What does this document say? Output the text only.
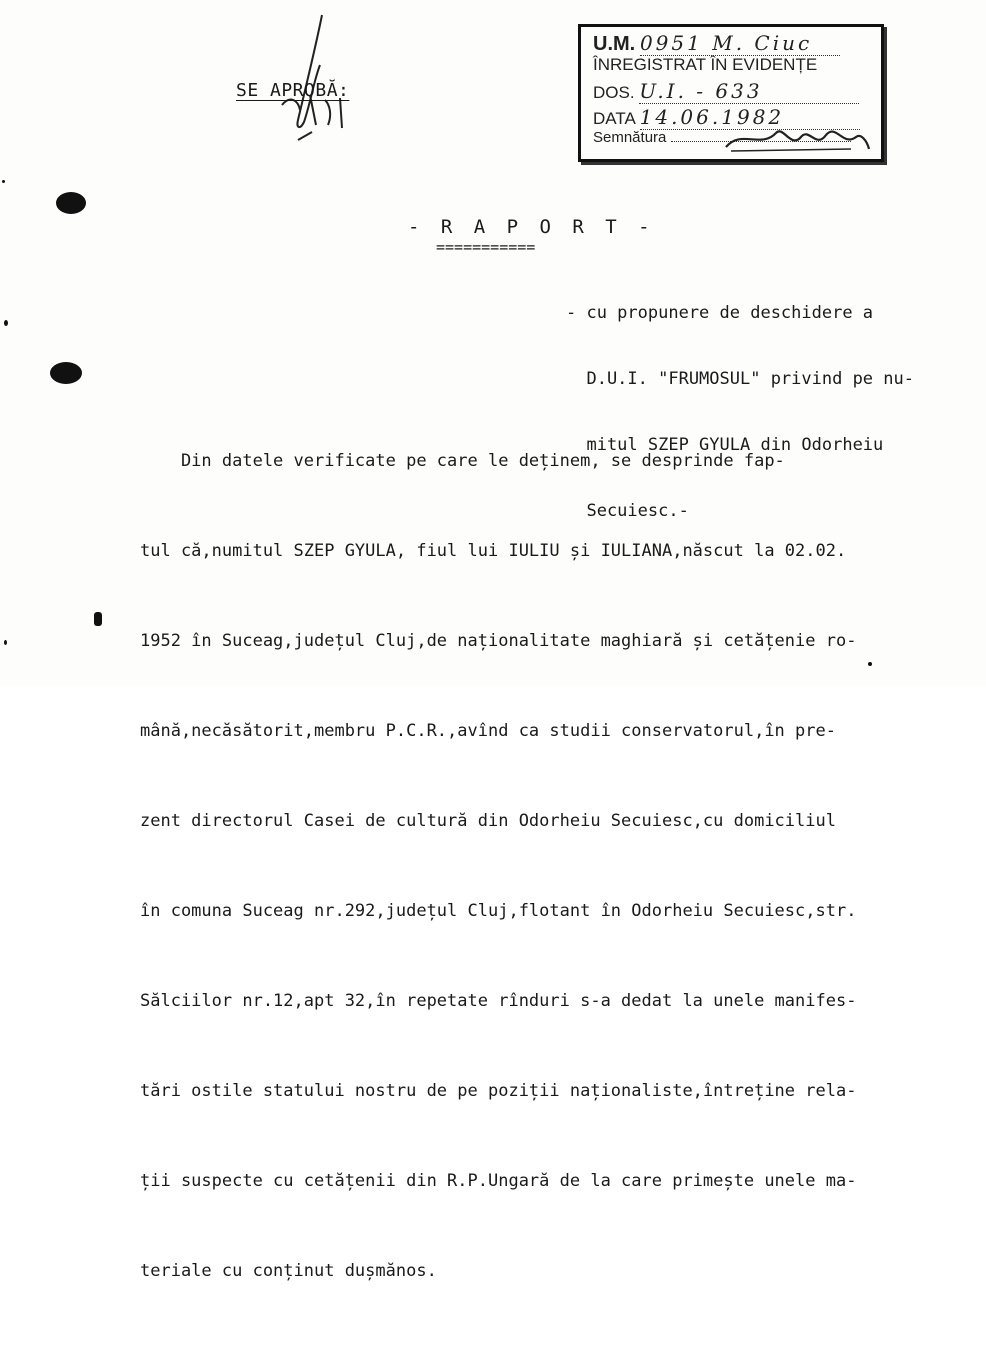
SE APROBĂ:
U.M. 0951 M. Ciuc
ÎNREGISTRAT ÎN EVIDENȚE
DOS. U.I. - 633
DATA 14.06.1982
Semnătura
- R A P O R T -
===========

- cu propunere de deschidere a

D.U.I. "FRUMOSUL" privind pe nu-

mitul SZEP GYULA din Odorheiu

Secuiesc.-

Din datele verificate pe care le deținem, se desprinde fap-

tul că,numitul SZEP GYULA, fiul lui IULIU și IULIANA,născut la 02.02.

1952 în Suceag,județul Cluj,de naționalitate maghiară și cetățenie ro-

mână,necăsătorit,membru P.C.R.,avînd ca studii conservatorul,în pre-

zent directorul Casei de cultură din Odorheiu Secuiesc,cu domiciliul

în comuna Suceag nr.292,județul Cluj,flotant în Odorheiu Secuiesc,str.

Sălciilor nr.12,apt 32,în repetate rînduri s-a dedat la unele manifes-

tări ostile statului nostru de pe poziții naționaliste,întreține rela-

ții suspecte cu cetățenii din R.P.Ungară de la care primește unele ma-

teriale cu conținut dușmănos.
